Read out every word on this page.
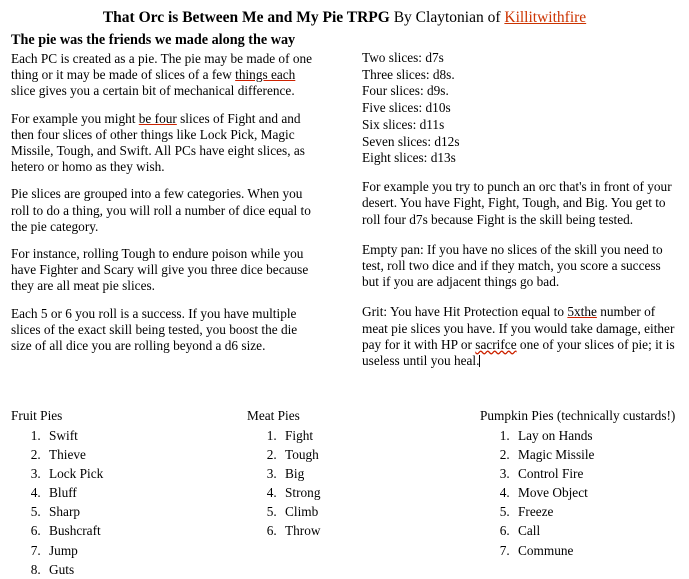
That Orc is Between Me and My Pie TRPG By Claytonian of Killitwithfire

The pie was the friends we made along the way

Each PC is created as a pie. The pie may be made of one thing or it may be made of slices of a few things each slice gives you a certain bit of mechanical difference.

For example you might be four slices of Fight and and then four slices of other things like Lock Pick, Magic Missile, Tough, and Swift. All PCs have eight slices, as hetero or homo as they wish.

Pie slices are grouped into a few categories. When you roll to do a thing, you will roll a number of dice equal to the pie category.

For instance, rolling Tough to endure poison while you have Fighter and Scary will give you three dice because they are all meat pie slices.

Each 5 or 6 you roll is a success. If you have multiple slices of the exact skill being tested, you boost the die size of all dice you are rolling beyond a d6 size.

Two slices: d7s

Three slices: d8s.

Four slices: d9s.

Five slices: d10s

Six slices: d11s

Seven slices: d12s

Eight slices: d13s

For example you try to punch an orc that's in front of your desert. You have Fight, Fight, Tough, and Big. You get to roll four d7s because Fight is the skill being tested.

Empty pan: If you have no slices of the skill you need to test, roll two dice and if they match, you score a success but if you are adjacent things go bad.

Grit: You have Hit Protection equal to 5xthe number of meat pie slices you have. If you would take damage, either pay for it with HP or sacrifce one of your slices of pie; it is useless until you heal.

Fruit Pies

1. Swift
2. Thieve
3. Lock Pick
4. Bluff
5. Sharp
6. Bushcraft
7. Jump
8. Guts

Meat Pies

1. Fight
2. Tough
3. Big
4. Strong
5. Climb
6. Throw

Pumpkin Pies (technically custards!)

1. Lay on Hands
2. Magic Missile
3. Control Fire
4. Move Object
5. Freeze
6. Call
7. Commune
